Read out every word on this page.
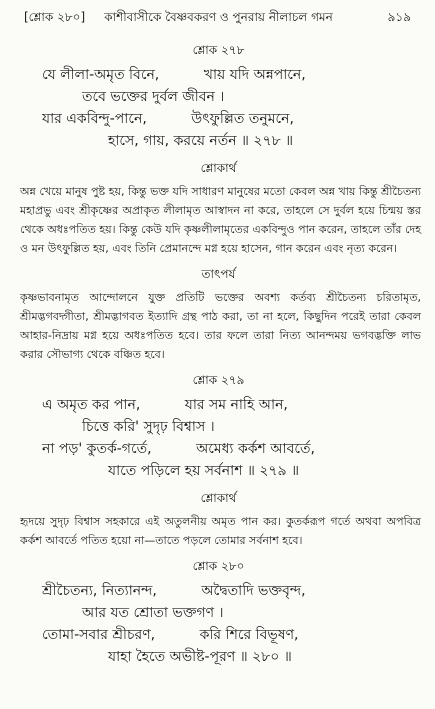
[শ্লোক ২৮০]	কাশীবাসীকে বৈষ্ণবকরণ ও পুনরায় নীলাচল গমন	৯১৯
শ্লোক ২৭৮
যে লীলা-অমৃত বিনে,          খায় যদি অন্নপানে,
তবে ভক্তের দুর্বল জীবন ।
যার একবিন্দু-পানে,          উৎফুল্লিত তনুমনে,
হাসে, গায়, করয়ে নর্তন ॥ ২৭৮ ॥
শ্লোকার্থ

অন্ন খেয়ে মানুষ পুষ্ট হয়, কিন্তু ভক্ত যদি সাধারণ মানুষের মতো কেবল অন্ন খায় কিন্তু শ্রীচৈতন্য মহাপ্রভু এবং শ্রীকৃষ্ণের অপ্রাকৃত লীলামৃত আস্বাদন না করে, তাহলে সে দুর্বল হয়ে চিন্ময় স্তর থেকে অধঃপতিত হয়। কিন্তু কেউ যদি কৃষ্ণলীলামৃতের একবিন্দুও পান করেন, তাহলে তাঁর দেহ ও মন উৎফুল্লিত হয়, এবং তিনি প্রেমানন্দে মগ্ন হয়ে হাসেন, গান করেন এবং নৃত্য করেন।

তাৎপর্য

কৃষ্ণভাবনামৃত আন্দোলনে যুক্ত প্রতিটি ভক্তের অবশ্য কর্তব্য শ্রীচৈতন্য চরিতামৃত, শ্রীমদ্ভগবদ্গীতা, শ্রীমদ্ভাগবত ইত্যাদি গ্রন্থ পাঠ করা, তা না হলে, কিছুদিন পরেই তারা কেবল আহার-নিদ্রায় মগ্ন হয়ে অধঃপতিত হবে। তার ফলে তারা নিত্য আনন্দময় ভগবদ্ভক্তি লাভ করার সৌভাগ্য থেকে বঞ্চিত হবে।

শ্লোক ২৭৯
এ অমৃত কর পান,          যার সম নাহি আন,
চিত্তে করি' সুদৃঢ় বিশ্বাস ।
না পড়' কুতর্ক-গর্তে,          অমেধ্য কর্কশ আবর্তে,
যাতে পড়িলে হয় সর্বনাশ ॥ ২৭৯ ॥
শ্লোকার্থ

হৃদয়ে সুদৃঢ় বিশ্বাস সহকারে এই অতুলনীয় অমৃত পান কর। কুতর্করূপ গর্তে অথবা অপবিত্র কর্কশ আবর্তে পতিত হয়ো না—তাতে পড়লে তোমার সর্বনাশ হবে।

শ্লোক ২৮০
শ্রীচৈতন্য, নিত্যানন্দ,          অদ্বৈতাদি ভক্তবৃন্দ,
আর যত শ্রোতা ভক্তগণ ।
তোমা-সবার শ্রীচরণ,          করি শিরে বিভূষণ,
যাহা হৈতে অভীষ্ট-পূরণ ॥ ২৮০ ॥
